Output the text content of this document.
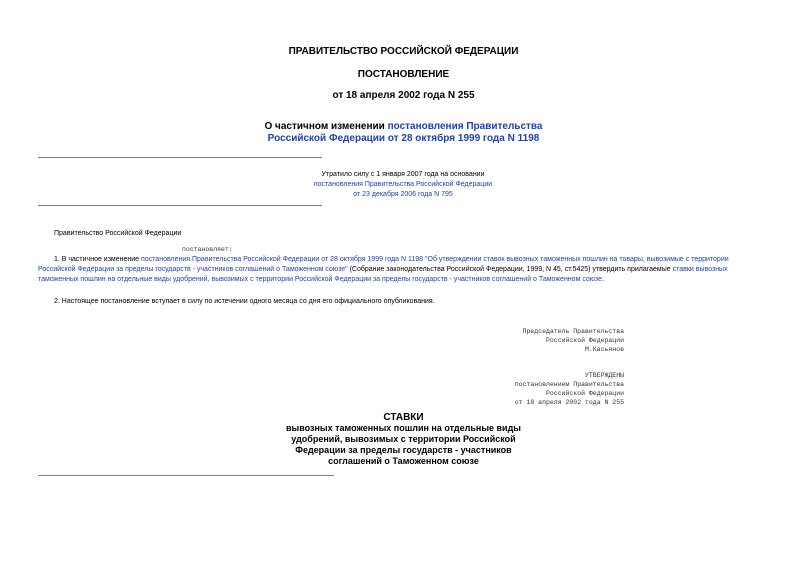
ПРАВИТЕЛЬСТВО РОССИЙСКОЙ ФЕДЕРАЦИИ
ПОСТАНОВЛЕНИЕ
от 18 апреля 2002 года N 255
О частичном изменении постановления Правительства
Российской Федерации от 28 октября 1999 года N 1198
Утратило силу с 1 января 2007 года на основании
постановления Правительства Российской Федерации
от 23 декабря 2006 года N 795
Правительство Российской Федерации
постановляет:
1. В частичное изменение постановления Правительства Российской Федерации от 28 октября 1999 года N 1198 "Об утверждении ставок вывозных таможенных пошлин на товары, вывозимые с территории
Российской Федерации за пределы государств - участников соглашений о Таможенном союзе" (Собрание законодательства Российской Федерации, 1999, N 45, ст.5425) утвердить прилагаемые ставки вывозных
таможенных пошлин на отдельные виды удобрений, вывозимых с территории Российской Федерации за пределы государств - участников соглашений о Таможенном союзе.
2. Настоящее постановление вступает в силу по истечении одного месяца со дня его официального опубликования.
Председатель Правительства
Российской Федерации
М.Касьянов
УТВЕРЖДЕНЫ
постановлением Правительства
Российской Федерации
от 18 апреля 2002 года N 255
СТАВКИ
вывозных таможенных пошлин на отдельные виды
удобрений, вывозимых с территории Российской
Федерации за пределы государств - участников
соглашений о Таможенном союзе
